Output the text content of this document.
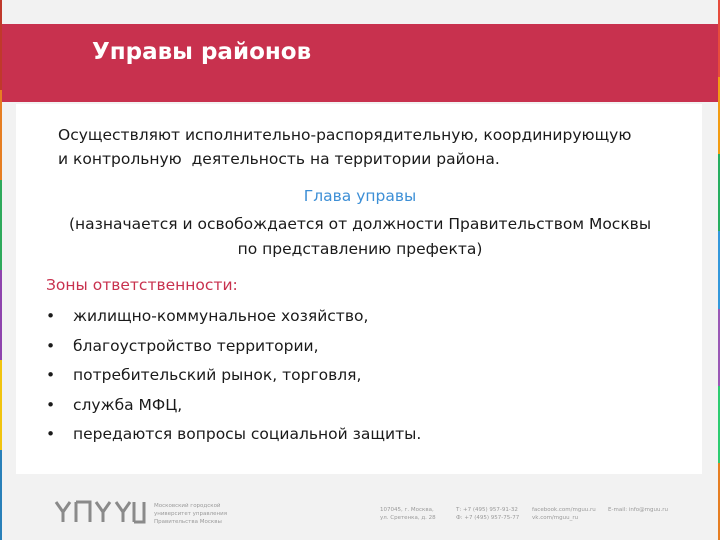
Управы районов
Осуществляют исполнительно-распорядительную, координирующую
и контрольную  деятельность на территории района.
Глава управы
(назначается и освобождается от должности Правительством Москвы
по представлению префекта)
Зоны ответственности:
• жилищно-коммунальное хозяйство,
• благоустройство территории,
• потребительский рынок, торговля,
• служба МФЦ,
• передаются вопросы социальной защиты.
Московский городской
университет управления
Правительства Москвы
107045, г. Москва,
ул. Сретенка, д. 28
Т: +7 (495) 957-91-32
Ф: +7 (495) 957-75-77
facebook.com/mguu.ru
vk.com/mguu_ru
E-mail: info@mguu.ru
